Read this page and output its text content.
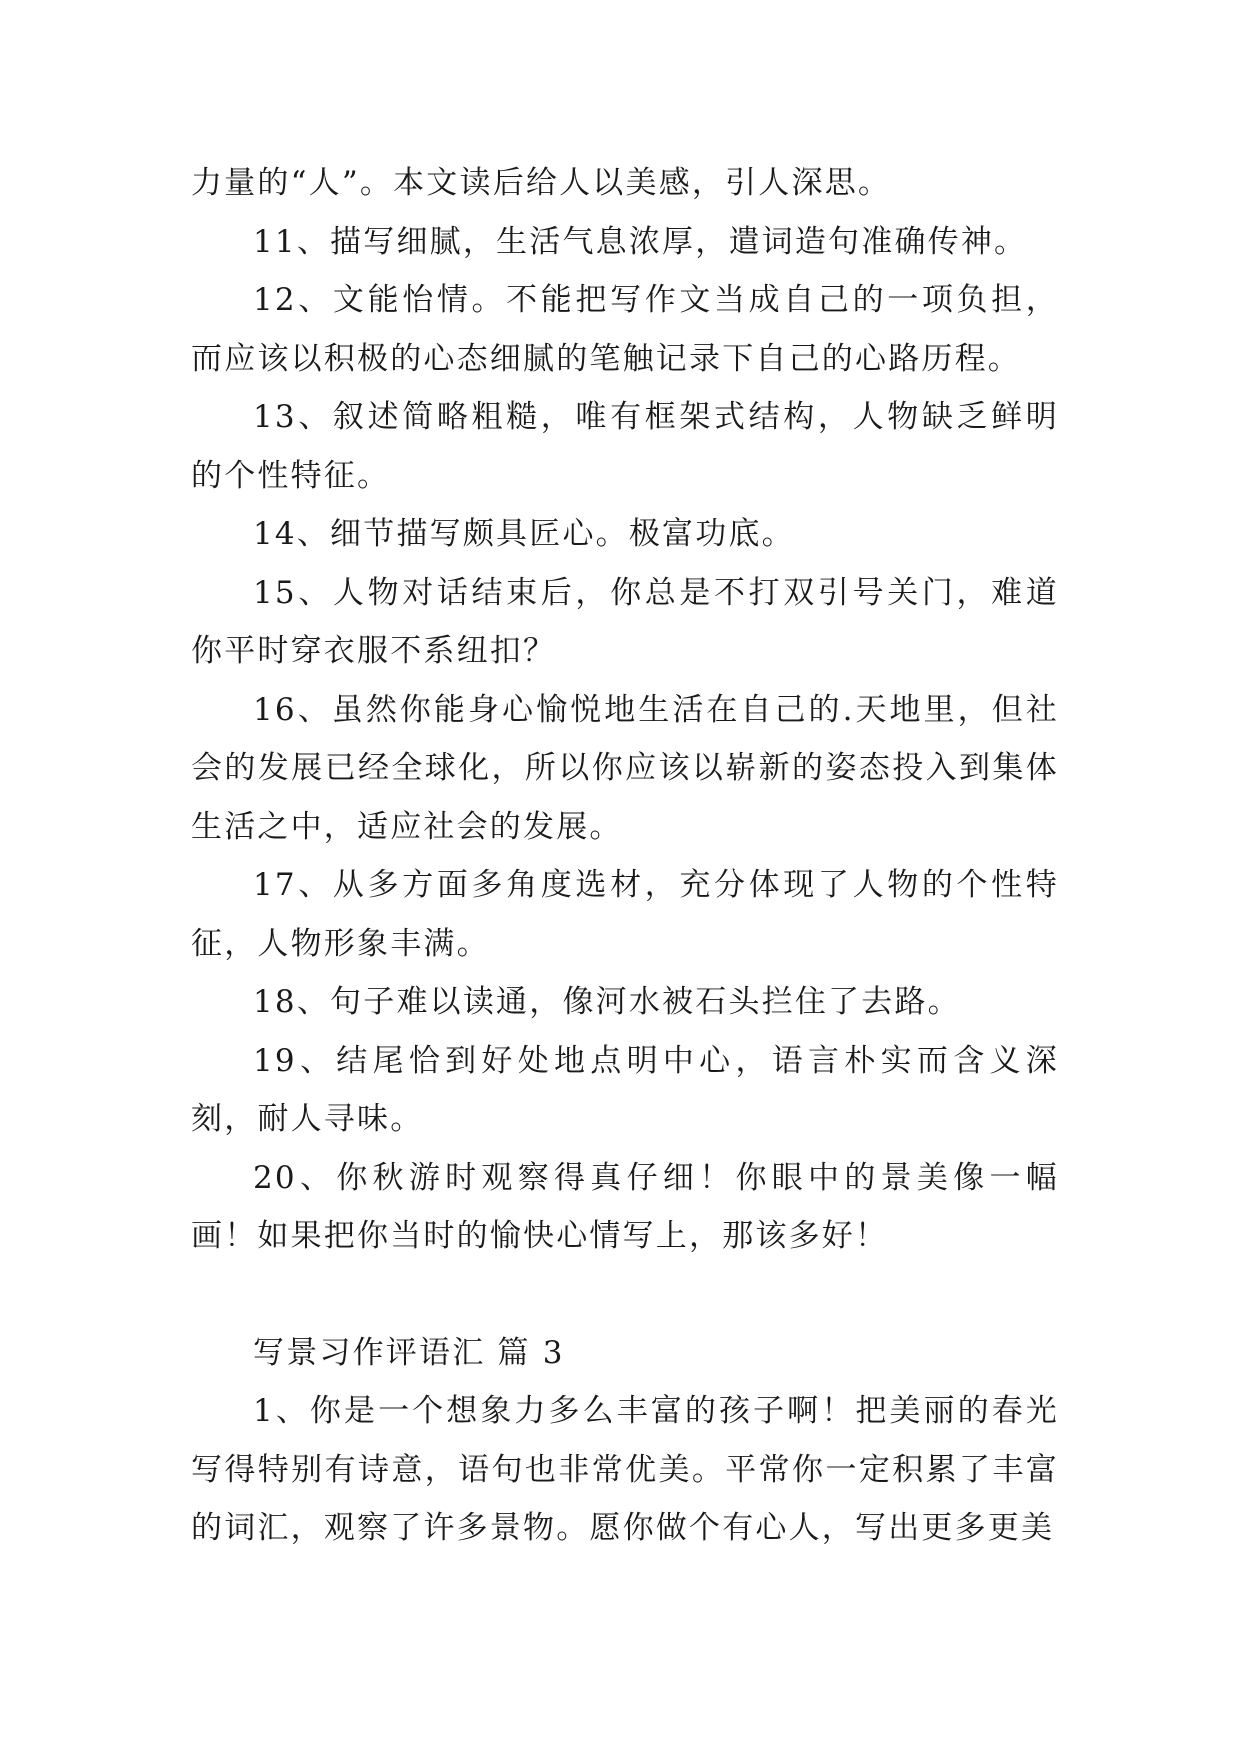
力量的“人”。本文读后给人以美感，引人深思。

11、描写细腻，生活气息浓厚，遣词造句准确传神。

12、文能怡情。不能把写作文当成自己的一项负担，而应该以积极的心态细腻的笔触记录下自己的心路历程。

13、叙述简略粗糙，唯有框架式结构，人物缺乏鲜明的个性特征。

14、细节描写颇具匠心。极富功底。

15、人物对话结束后，你总是不打双引号关门，难道你平时穿衣服不系纽扣？

16、虽然你能身心愉悦地生活在自己的.天地里，但社会的发展已经全球化，所以你应该以崭新的姿态投入到集体生活之中，适应社会的发展。

17、从多方面多角度选材，充分体现了人物的个性特征，人物形象丰满。

18、句子难以读通，像河水被石头拦住了去路。

19、结尾恰到好处地点明中心，语言朴实而含义深刻，耐人寻味。

20、你秋游时观察得真仔细！你眼中的景美像一幅画！如果把你当时的愉快心情写上，那该多好！

写景习作评语汇 篇 3

1、你是一个想象力多么丰富的孩子啊！把美丽的春光写得特别有诗意，语句也非常优美。平常你一定积累了丰富的词汇，观察了许多景物。愿你做个有心人，写出更多更美
